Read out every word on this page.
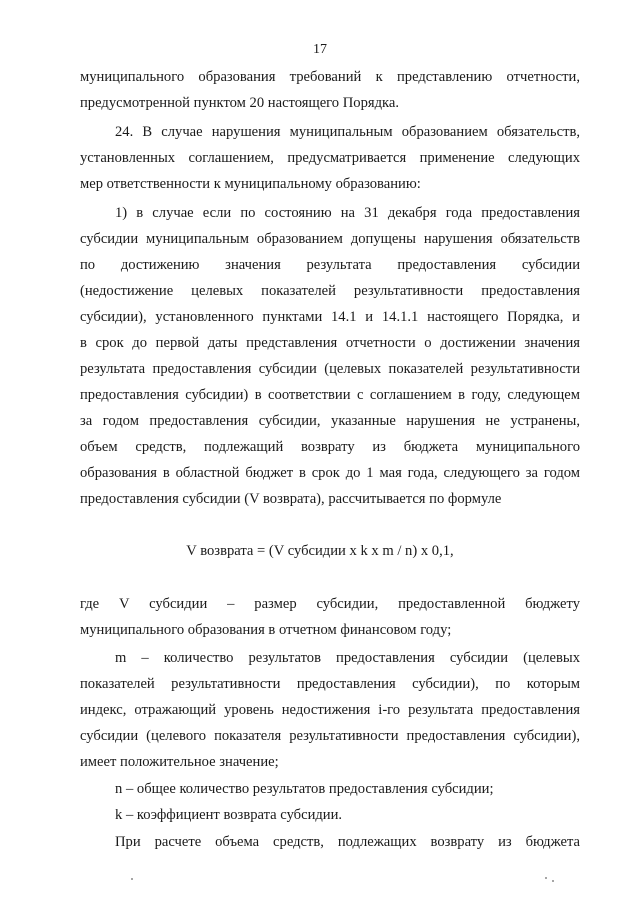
17

муниципального образования требований к представлению отчетности,

предусмотренной пунктом 20 настоящего Порядка.

24. В случае нарушения муниципальным образованием обязательств,

установленных соглашением, предусматривается применение следующих

мер ответственности к муниципальному образованию:

1) в случае если по состоянию на 31 декабря года предоставления

субсидии муниципальным образованием допущены нарушения обязательств

по достижению значения результата предоставления субсидии

(недостижение целевых показателей результативности предоставления

субсидии), установленного пунктами 14.1 и 14.1.1 настоящего Порядка, и

в срок до первой даты представления отчетности о достижении значения

результата предоставления субсидии (целевых показателей результативности

предоставления субсидии) в соответствии с соглашением в году, следующем

за годом предоставления субсидии, указанные нарушения не устранены,

объем средств, подлежащий возврату из бюджета муниципального

образования в областной бюджет в срок до 1 мая года, следующего за годом

предоставления субсидии (V возврата), рассчитывается по формуле

V возврата = (V субсидии х k х m / n) х 0,1,

где V субсидии – размер субсидии, предоставленной бюджету

муниципального образования в отчетном финансовом году;

m – количество результатов предоставления субсидии (целевых

показателей результативности предоставления субсидии), по которым

индекс, отражающий уровень недостижения i-го результата предоставления

субсидии (целевого показателя результативности предоставления субсидии),

имеет положительное значение;

n – общее количество результатов предоставления субсидии;

k – коэффициент возврата субсидии.

При расчете объема средств, подлежащих возврату из бюджета
